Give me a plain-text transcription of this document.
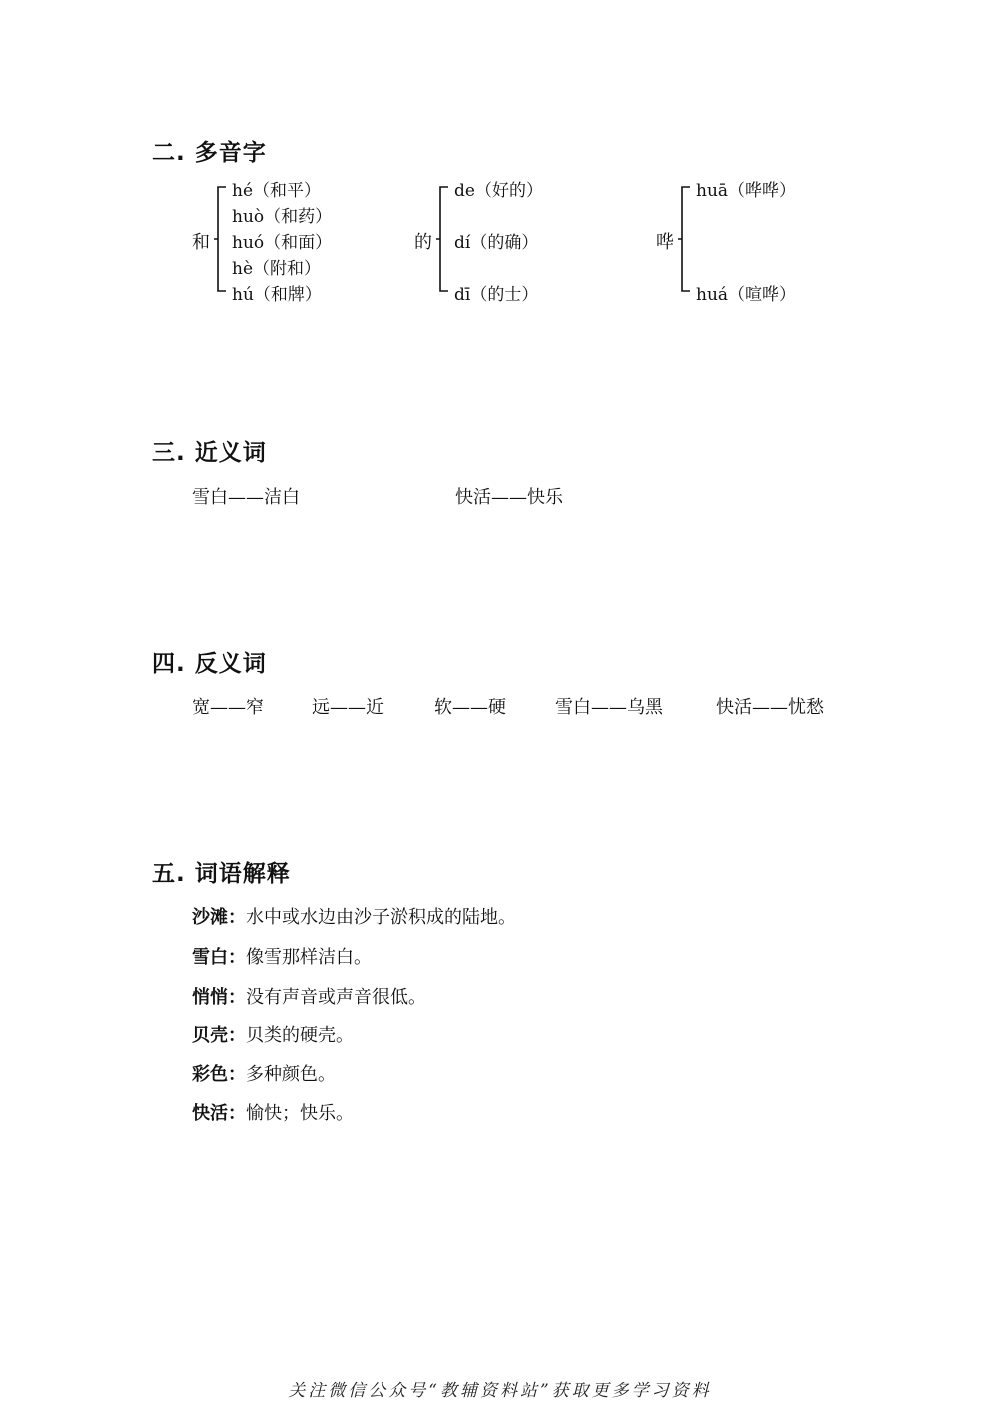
二. 多音字
和
hé（和平）
huò（和药）
huó（和面）
hè（附和）
hú（和牌）
的
de（好的）
dí（的确）
dī（的士）
哗
huā（哗哗）
huá（喧哗）
三. 近义词
雪白——洁白	快活——快乐
四. 反义词
宽——窄	远——近	软——硬	雪白——乌黑	快活——忧愁
五. 词语解释
沙滩：水中或水边由沙子淤积成的陆地。
雪白：像雪那样洁白。
悄悄：没有声音或声音很低。
贝壳：贝类的硬壳。
彩色：多种颜色。
快活：愉快；快乐。
关注微信公众号“教辅资料站”获取更多学习资料
